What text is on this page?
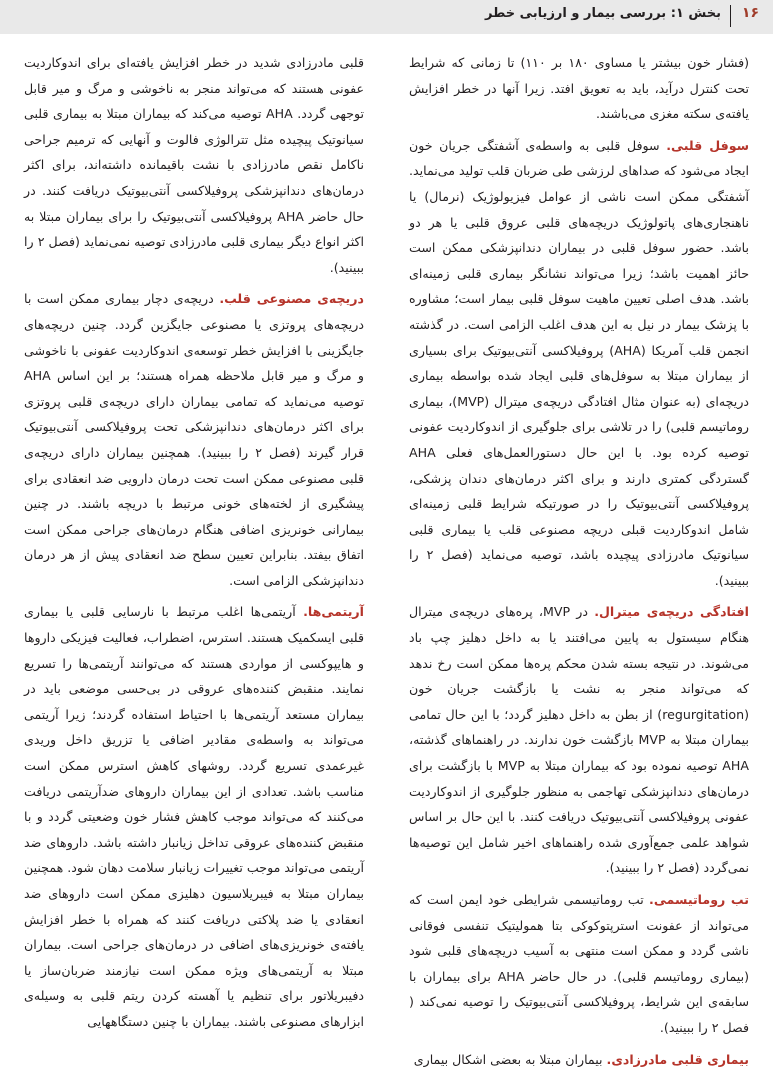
۱۶
بخش ۱: بررسی بیمار و ارزیابی خطر

(فشار خون بیشتر یا مساوی ۱۸۰ بر ۱۱۰) تا زمانی که شرایط تحت کنترل درآید، باید به تعویق افتد. زیرا آنها در خطر افزایش یافته‌ی سکته مغزی می‌باشند.

سوفل قلبی. سوفل قلبی به واسطه‌ی آشفتگی جریان خون ایجاد می‌شود که صداهای لرزشی طی ضربان قلب تولید می‌نماید. آشفتگی ممکن است ناشی از عوامل فیزیولوژیک (نرمال) یا ناهنجاری‌های پاتولوژیک دریچه‌های قلبی عروق قلبی یا هر دو باشد. حضور سوفل قلبی در بیماران دندانپزشکی ممکن است حائز اهمیت باشد؛ زیرا می‌تواند نشانگر بیماری قلبی زمینه‌ای باشد. هدف اصلی تعیین ماهیت سوفل قلبی بیمار است؛ مشاوره با پزشک بیمار در نیل به این هدف اغلب الزامی است. در گذشته انجمن قلب آمریکا (AHA) پروفیلاکسی آنتی‌بیوتیک برای بسیاری از بیماران مبتلا به سوفل‌های قلبی ایجاد شده بواسطه بیماری دریچه‌ای (به عنوان مثال افتادگی دریچه‌ی میترال (MVP)، بیماری روماتیسم قلبی) را در تلاشی برای جلوگیری از اندوکاردیت عفونی توصیه کرده بود. با این حال دستورالعمل‌های فعلی AHA گستردگی کمتری دارند و برای اکثر درمان‌های دندان پزشکی، پروفیلاکسی آنتی‌بیوتیک را در صورتیکه شرایط قلبی زمینه‌ای شامل اندوکاردیت قبلی دریچه مصنوعی قلب یا بیماری قلبی سیانوتیک مادرزادی پیچیده باشد، توصیه می‌نماید (فصل ۲ را ببینید).

افتادگی دریچه‌ی میترال. در MVP، پره‌های دریچه‌ی میترال هنگام سیستول به پایین می‌افتند یا به داخل دهلیز چپ باد می‌شوند. در نتیجه بسته شدن محکم پره‌ها ممکن است رخ ندهد که می‌تواند منجر به نشت یا بازگشت جریان خون (regurgitation) از بطن به داخل دهلیز گردد؛ با این حال تمامی بیماران مبتلا به MVP بازگشت خون ندارند. در راهنماهای گذشته، AHA توصیه نموده بود که بیماران مبتلا به MVP با بازگشت برای درمان‌های دندانپزشکی تهاجمی به منظور جلوگیری از اندوکاردیت عفونی پروفیلاکسی آنتی‌بیوتیک دریافت کنند. با این حال بر اساس شواهد علمی جمع‌آوری شده راهنماهای اخیر شامل این توصیه‌ها نمی‌گردد (فصل ۲ را ببینید).

تب روماتیسمی. تب روماتیسمی شرایطی خود ایمن است که می‌تواند از عفونت استرپتوکوکی بتا همولیتیک تنفسی فوقانی ناشی گردد و ممکن است منتهی به آسیب دریچه‌های قلبی شود (بیماری روماتیسم قلبی). در حال حاضر AHA برای بیماران با سابقه‌ی این شرایط، پروفیلاکسی آنتی‌بیوتیک را توصیه نمی‌کند ( فصل ۲ را ببینید).

بیماری قلبی مادرزادی. بیماران مبتلا به بعضی اشکال بیماری

قلبی مادرزادی شدید در خطر افزایش یافته‌ای برای اندوکاردیت عفونی هستند که می‌تواند منجر به ناخوشی و مرگ و میر قابل توجهی گردد. AHA توصیه می‌کند که بیماران مبتلا به بیماری قلبی سیانوتیک پیچیده مثل تترالوژی فالوت و آنهایی که ترمیم جراحی ناکامل نقص مادرزادی با نشت باقیمانده داشته‌اند، برای اکثر درمان‌های دندانپزشکی پروفیلاکسی آنتی‌بیوتیک دریافت کنند. در حال حاضر AHA پروفیلاکسی آنتی‌بیوتیک را برای بیماران مبتلا به اکثر انواع دیگر بیماری قلبی مادرزادی توصیه نمی‌نماید (فصل ۲ را ببینید).

دریچه‌ی مصنوعی قلب. دریچه‌ی دچار بیماری ممکن است با دریچه‌های پروتزی یا مصنوعی جایگزین گردد. چنین دریچه‌های جایگزینی با افزایش خطر توسعه‌ی اندوکاردیت عفونی با ناخوشی و مرگ و میر قابل ملاحظه همراه هستند؛ بر این اساس AHA توصیه می‌نماید که تمامی بیماران دارای دریچه‌ی قلبی پروتزی برای اکثر درمان‌های دندانپزشکی تحت پروفیلاکسی آنتی‌بیوتیک قرار گیرند (فصل ۲ را ببینید). همچنین بیماران دارای دریچه‌ی قلبی مصنوعی ممکن است تحت درمان دارویی ضد انعقادی برای پیشگیری از لخته‌های خونی مرتبط با دریچه باشند. در چنین بیمارانی خونریزی اضافی هنگام درمان‌های جراحی ممکن است اتفاق بیفتد. بنابراین تعیین سطح ضد انعقادی پیش از هر درمان دندانپزشکی الزامی است.

آریتمی‌ها. آریتمی‌ها اغلب مرتبط با نارسایی قلبی یا بیماری قلبی ایسکمیک هستند. استرس، اضطراب، فعالیت فیزیکی داروها و هایپوکسی از مواردی هستند که می‌توانند آریتمی‌ها را تسریع نمایند. منقبض کننده‌های عروقی در بی‌حسی موضعی باید در بیماران مستعد آریتمی‌ها با احتیاط استفاده گردند؛ زیرا آریتمی می‌تواند به واسطه‌ی مقادیر اضافی یا تزریق داخل وریدی غیرعمدی تسریع گردد. روشهای کاهش استرس ممکن است مناسب باشد. تعدادی از این بیماران داروهای ضدآریتمی دریافت می‌کنند که می‌تواند موجب کاهش فشار خون وضعیتی گردد و با منقبض کننده‌های عروقی تداخل زیانبار داشته باشد. داروهای ضد آریتمی می‌تواند موجب تغییرات زیانبار سلامت دهان شود. همچنین بیماران مبتلا به فیبریلاسیون دهلیزی ممکن است داروهای ضد انعقادی یا ضد پلاکتی دریافت کنند که همراه با خطر افزایش یافته‌ی خونریزی‌های اضافی در درمان‌های جراحی است. بیماران مبتلا به آریتمی‌های ویژه ممکن است نیازمند ضربان‌ساز یا دفیبریلاتور برای تنظیم یا آهسته کردن ریتم قلبی به وسیله‌ی ابزارهای مصنوعی باشند. بیماران با چنین دستگاههایی
